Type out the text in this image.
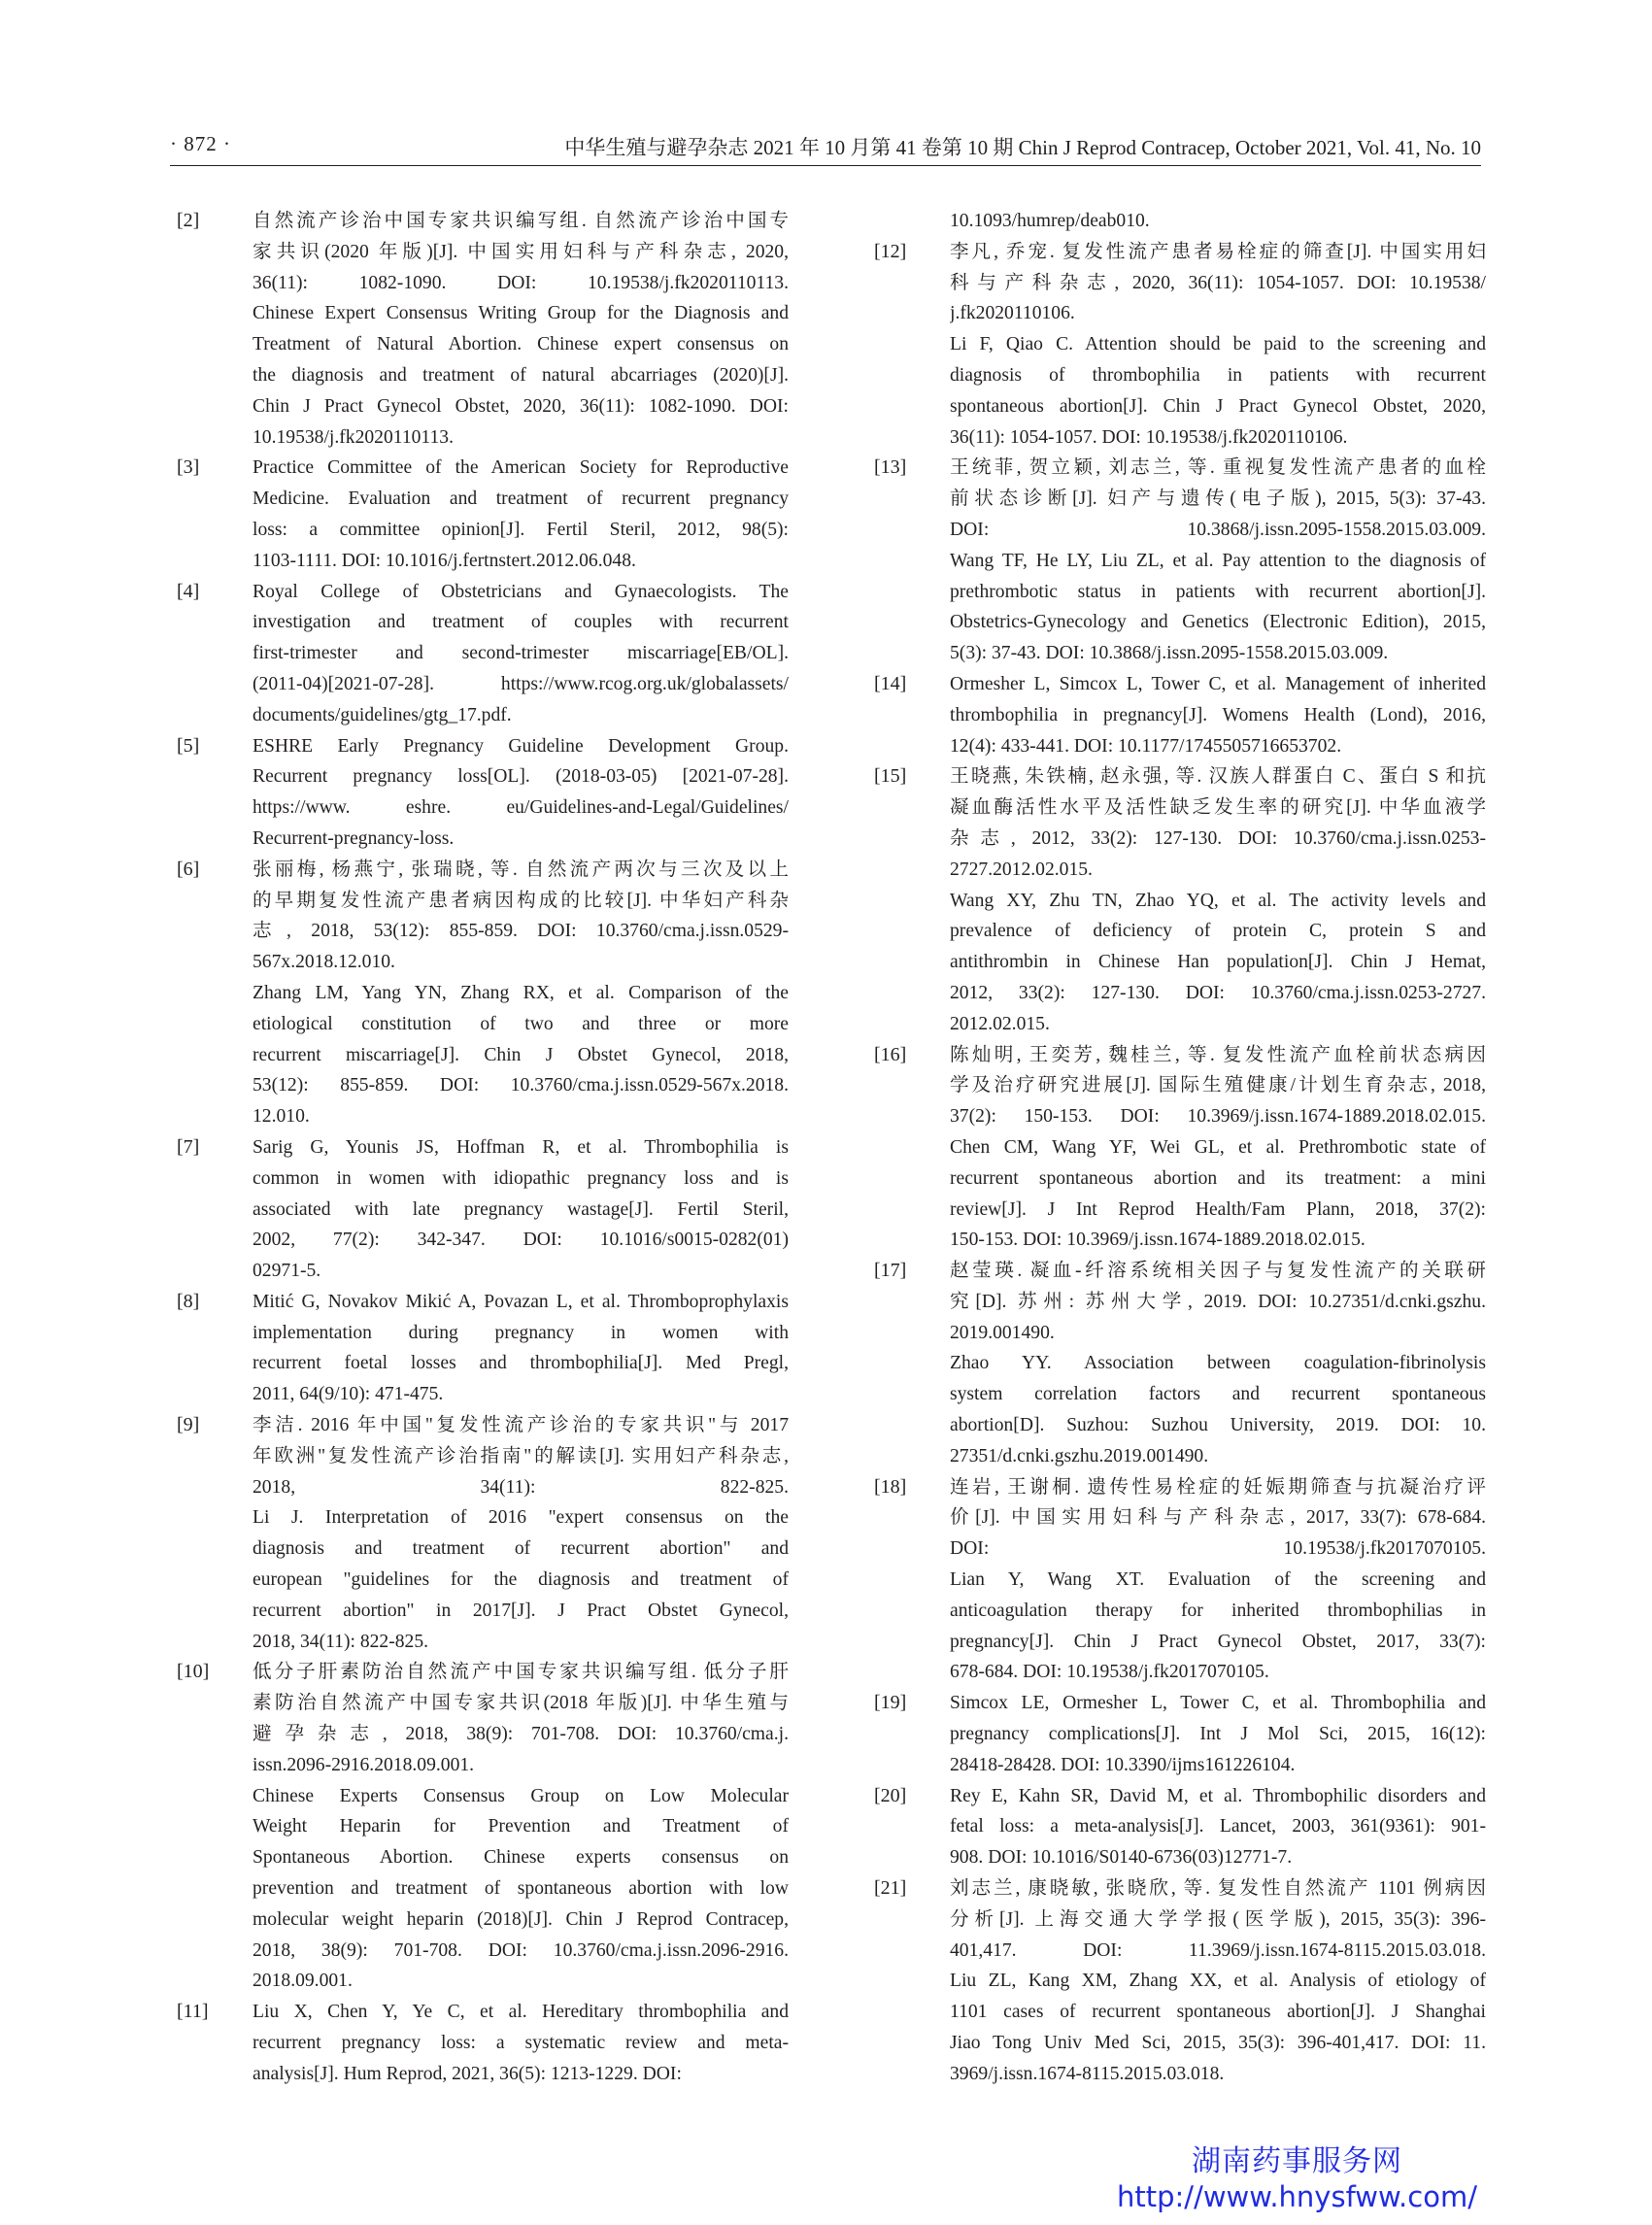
· 872 ·	中华生殖与避孕杂志 2021 年 10 月第 41 卷第 10 期 Chin J Reprod Contracep, October 2021, Vol. 41, No. 10
[2]	自然流产诊治中国专家共识编写组. 自然流产诊治中国专
家共识(2020 年版)[J]. 中国实用妇科与产科杂志, 2020,
36(11): 1082-1090. DOI: 10.19538/j.fk2020110113.
Chinese Expert Consensus Writing Group for the Diagnosis and
Treatment of Natural Abortion. Chinese expert consensus on
the diagnosis and treatment of natural abcarriages (2020)[J].
Chin J Pract Gynecol Obstet, 2020, 36(11): 1082-1090. DOI:
10.19538/j.fk2020110113.
[3]	Practice Committee of the American Society for Reproductive
Medicine. Evaluation and treatment of recurrent pregnancy
loss: a committee opinion[J]. Fertil Steril, 2012, 98(5):
1103-1111. DOI: 10.1016/j.fertnstert.2012.06.048.
[4]	Royal College of Obstetricians and Gynaecologists. The
investigation and treatment of couples with recurrent
first-trimester and second-trimester miscarriage[EB/OL].
(2011-04)[2021-07-28]. https://www.rcog.org.uk/globalassets/
documents/guidelines/gtg_17.pdf.
[5]	ESHRE Early Pregnancy Guideline Development Group.
Recurrent pregnancy loss[OL]. (2018-03-05) [2021-07-28].
https://www. eshre. eu/Guidelines-and-Legal/Guidelines/
Recurrent-pregnancy-loss.
[6]	张丽梅, 杨燕宁, 张瑞晓, 等. 自然流产两次与三次及以上
的早期复发性流产患者病因构成的比较[J]. 中华妇产科杂
志, 2018, 53(12): 855-859. DOI: 10.3760/cma.j.issn.0529-
567x.2018.12.010.
Zhang LM, Yang YN, Zhang RX, et al. Comparison of the
etiological constitution of two and three or more
recurrent miscarriage[J]. Chin J Obstet Gynecol, 2018,
53(12): 855-859. DOI: 10.3760/cma.j.issn.0529-567x.2018.
12.010.
[7]	Sarig G, Younis JS, Hoffman R, et al. Thrombophilia is
common in women with idiopathic pregnancy loss and is
associated with late pregnancy wastage[J]. Fertil Steril,
2002, 77(2): 342-347. DOI: 10.1016/s0015-0282(01)
02971-5.
[8]	Mitić G, Novakov Mikić A, Povazan L, et al. Thromboprophylaxis
implementation during pregnancy in women with
recurrent foetal losses and thrombophilia[J]. Med Pregl,
2011, 64(9/10): 471-475.
[9]	李洁. 2016 年中国"复发性流产诊治的专家共识"与 2017
年欧洲"复发性流产诊治指南"的解读[J]. 实用妇产科杂志,
2018, 34(11): 822-825.
Li J. Interpretation of 2016 "expert consensus on the
diagnosis and treatment of recurrent abortion" and
european "guidelines for the diagnosis and treatment of
recurrent abortion" in 2017[J]. J Pract Obstet Gynecol,
2018, 34(11): 822-825.
[10]	低分子肝素防治自然流产中国专家共识编写组. 低分子肝
素防治自然流产中国专家共识(2018 年版)[J]. 中华生殖与
避孕杂志, 2018, 38(9): 701-708. DOI: 10.3760/cma.j.
issn.2096-2916.2018.09.001.
Chinese Experts Consensus Group on Low Molecular
Weight Heparin for Prevention and Treatment of
Spontaneous Abortion. Chinese experts consensus on
prevention and treatment of spontaneous abortion with low
molecular weight heparin (2018)[J]. Chin J Reprod Contracep,
2018, 38(9): 701-708. DOI: 10.3760/cma.j.issn.2096-2916.
2018.09.001.
[11]	Liu X, Chen Y, Ye C, et al. Hereditary thrombophilia and
recurrent pregnancy loss: a systematic review and meta-
analysis[J]. Hum Reprod, 2021, 36(5): 1213-1229. DOI:
10.1093/humrep/deab010.
[12]	李凡, 乔宠. 复发性流产患者易栓症的筛查[J]. 中国实用妇
科与产科杂志, 2020, 36(11): 1054-1057. DOI: 10.19538/
j.fk2020110106.
Li F, Qiao C. Attention should be paid to the screening and
diagnosis of thrombophilia in patients with recurrent
spontaneous abortion[J]. Chin J Pract Gynecol Obstet, 2020,
36(11): 1054-1057. DOI: 10.19538/j.fk2020110106.
[13]	王统菲, 贺立颖, 刘志兰, 等. 重视复发性流产患者的血栓
前状态诊断[J]. 妇产与遗传(电子版), 2015, 5(3): 37-43.
DOI: 10.3868/j.issn.2095-1558.2015.03.009.
Wang TF, He LY, Liu ZL, et al. Pay attention to the diagnosis of
prethrombotic status in patients with recurrent abortion[J].
Obstetrics-Gynecology and Genetics (Electronic Edition), 2015,
5(3): 37-43. DOI: 10.3868/j.issn.2095-1558.2015.03.009.
[14]	Ormesher L, Simcox L, Tower C, et al. Management of inherited
thrombophilia in pregnancy[J]. Womens Health (Lond), 2016,
12(4): 433-441. DOI: 10.1177/1745505716653702.
[15]	王晓燕, 朱铁楠, 赵永强, 等. 汉族人群蛋白 C、蛋白 S 和抗
凝血酶活性水平及活性缺乏发生率的研究[J]. 中华血液学
杂志, 2012, 33(2): 127-130. DOI: 10.3760/cma.j.issn.0253-
2727.2012.02.015.
Wang XY, Zhu TN, Zhao YQ, et al. The activity levels and
prevalence of deficiency of protein C, protein S and
antithrombin in Chinese Han population[J]. Chin J Hemat,
2012, 33(2): 127-130. DOI: 10.3760/cma.j.issn.0253-2727.
2012.02.015.
[16]	陈灿明, 王奕芳, 魏桂兰, 等. 复发性流产血栓前状态病因
学及治疗研究进展[J]. 国际生殖健康/计划生育杂志, 2018,
37(2): 150-153. DOI: 10.3969/j.issn.1674-1889.2018.02.015.
Chen CM, Wang YF, Wei GL, et al. Prethrombotic state of
recurrent spontaneous abortion and its treatment: a mini
review[J]. J Int Reprod Health/Fam Plann, 2018, 37(2):
150-153. DOI: 10.3969/j.issn.1674-1889.2018.02.015.
[17]	赵莹瑛. 凝血-纤溶系统相关因子与复发性流产的关联研
究[D]. 苏州: 苏州大学, 2019. DOI: 10.27351/d.cnki.gszhu.
2019.001490.
Zhao YY. Association between coagulation-fibrinolysis
system correlation factors and recurrent spontaneous
abortion[D]. Suzhou: Suzhou University, 2019. DOI: 10.
27351/d.cnki.gszhu.2019.001490.
[18]	连岩, 王谢桐. 遗传性易栓症的妊娠期筛查与抗凝治疗评
价[J]. 中国实用妇科与产科杂志, 2017, 33(7): 678-684.
DOI: 10.19538/j.fk2017070105.
Lian Y, Wang XT. Evaluation of the screening and
anticoagulation therapy for inherited thrombophilias in
pregnancy[J]. Chin J Pract Gynecol Obstet, 2017, 33(7):
678-684. DOI: 10.19538/j.fk2017070105.
[19]	Simcox LE, Ormesher L, Tower C, et al. Thrombophilia and
pregnancy complications[J]. Int J Mol Sci, 2015, 16(12):
28418-28428. DOI: 10.3390/ijms161226104.
[20]	Rey E, Kahn SR, David M, et al. Thrombophilic disorders and
fetal loss: a meta-analysis[J]. Lancet, 2003, 361(9361): 901-
908. DOI: 10.1016/S0140-6736(03)12771-7.
[21]	刘志兰, 康晓敏, 张晓欣, 等. 复发性自然流产 1101 例病因
分析[J]. 上海交通大学学报(医学版), 2015, 35(3): 396-
401,417. DOI: 11.3969/j.issn.1674-8115.2015.03.018.
Liu ZL, Kang XM, Zhang XX, et al. Analysis of etiology of
1101 cases of recurrent spontaneous abortion[J]. J Shanghai
Jiao Tong Univ Med Sci, 2015, 35(3): 396-401,417. DOI: 11.
3969/j.issn.1674-8115.2015.03.018.
湖南药事服务网
http://www.hnysfww.com/
